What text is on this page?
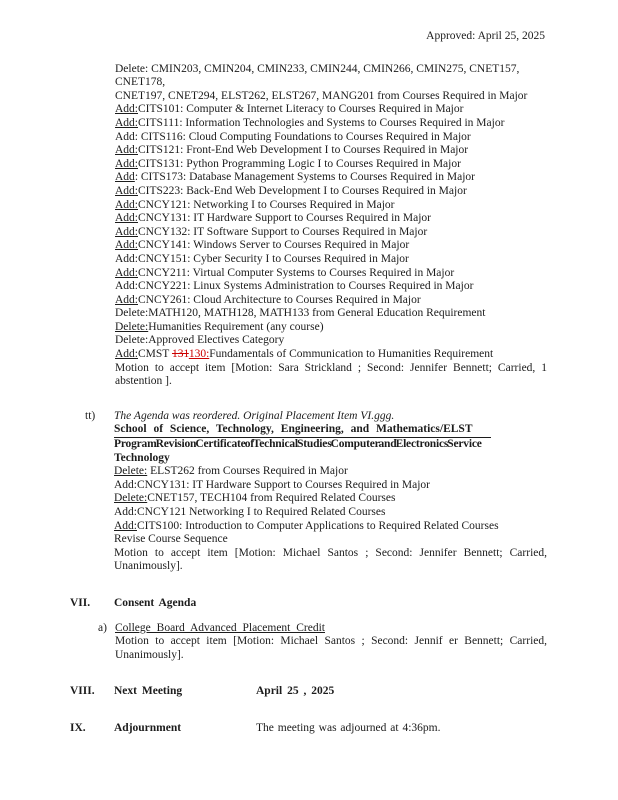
Approved: April 25, 2025
Delete: CMIN203, CMIN204, CMIN233, CMIN244, CMIN266, CMIN275, CNET157, CNET178,
CNET197, CNET294, ELST262, ELST267, MANG201 from Courses Required in Major
Add:CITS101: Computer & Internet Literacy to Courses Required in Major
Add:CITS111: Information Technologies and Systems to Courses Required in Major
Add: CITS116: Cloud Computing Foundations to Courses Required in Major
Add:CITS121: Front-End Web Development I to Courses Required in Major
Add:CITS131: Python Programming Logic I to Courses Required in Major
Add: CITS173: Database Management Systems to Courses Required in Major
Add:CITS223: Back-End Web Development I to Courses Required in Major
Add:CNCY121: Networking I to Courses Required in Major
Add:CNCY131: IT Hardware Support to Courses Required in Major
Add:CNCY132: IT Software Support to Courses Required in Major
Add:CNCY141: Windows Server to Courses Required in Major
Add:CNCY151: Cyber Security I to Courses Required in Major
Add:CNCY211: Virtual Computer Systems to Courses Required in Major
Add:CNCY221: Linux Systems Administration to Courses Required in Major
Add:CNCY261: Cloud Architecture to Courses Required in Major
Delete:MATH120, MATH128, MATH133 from General Education Requirement
Delete:Humanities Requirement (any course)
Delete:Approved Electives Category
Add:CMST 131130:Fundamentals of Communication to Humanities Requirement
Motion to accept item [Motion: Sara Strickland ; Second: Jennifer Bennett; Carried, 1
abstention ].
tt)	The Agenda was reordered. Original Placement Item VI.ggg.
School of Science, Technology, Engineering, and Mathematics/ELST
Program Revision Certificate of Technical Studies Computer and Electronics Service
Technology
Delete: ELST262 from Courses Required in Major
Add:CNCY131: IT Hardware Support to Courses Required in Major
Delete:CNET157, TECH104 from Required Related Courses
Add:CNCY121 Networking I to Required Related Courses
Add:CITS100: Introduction to Computer Applications to Required Related Courses
Revise Course Sequence
Motion to accept item [Motion: Michael Santos ; Second: Jennifer Bennett; Carried,
Unanimously].
VII.	Consent Agenda
a) College Board Advanced Placement Credit
Motion to accept item [Motion: Michael Santos ; Second: Jennif er Bennett; Carried,
Unanimously].
VIII.	Next Meeting	April 25 , 2025
IX.	Adjournment	The meeting was adjourned at 4:36pm.
